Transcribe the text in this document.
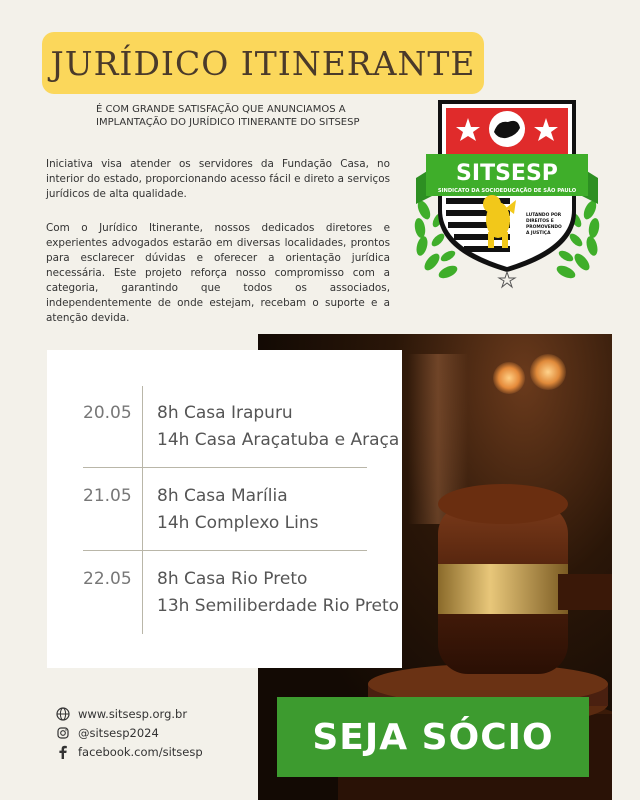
JURÍDICO ITINERANTE

É COM GRANDE SATISFAÇÃO QUE ANUNCIAMOS A IMPLANTAÇÃO DO JURÍDICO ITINERANTE DO SITSESP

Iniciativa visa atender os servidores da Fundação Casa, no interior do estado, proporcionando acesso fácil e direto a serviços jurídicos de alta qualidade.

Com o Jurídico Itinerante, nossos dedicados diretores e experientes advogados estarão em diversas localidades, prontos para esclarecer dúvidas e oferecer a orientação jurídica necessária. Este projeto reforça nosso compromisso com a categoria, garantindo que todos os associados, independentemente de onde estejam, recebam o suporte e a atenção devida.

SITSESP
SINDICATO DA SOCIOEDUCAÇÃO DE SÃO PAULO
LUTANDO POR
DIREITOS E
PROMOVENDO
A JUSTIÇA
20.05 8h Casa Irapuru
14h Casa Araçatuba e Araça
21.05 8h Casa Marília
14h Complexo Lins
22.05 8h Casa Rio Preto
13h Semiliberdade Rio Preto
www.sitsesp.org.br
@sitsesp2024
facebook.com/sitsesp	SEJA SÓCIO
